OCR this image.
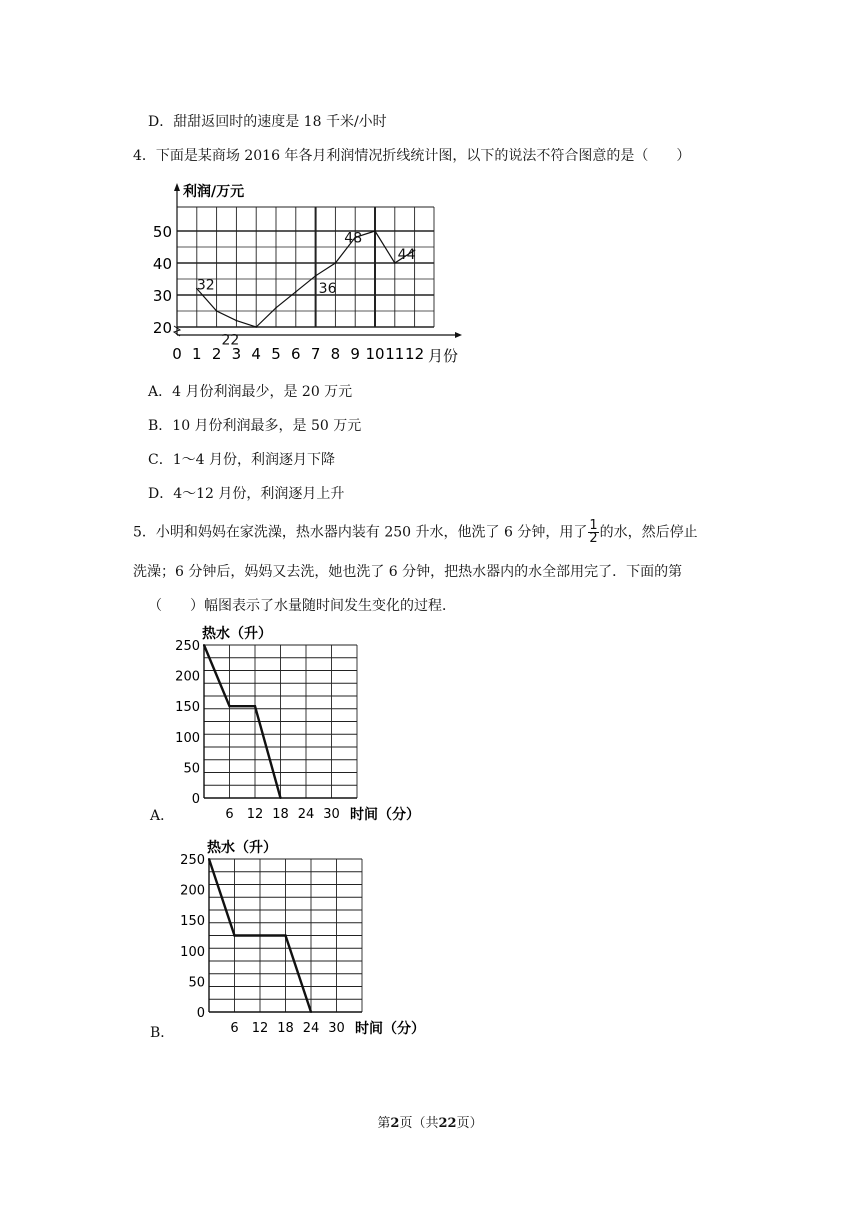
D．甜甜返回时的速度是 18 千米/小时
4．下面是某商场 2016 年各月利润情况折线统计图，以下的说法不符合图意的是（　　）
利润/万元
20
30
40
50
0 1 2 3 4 5 6 7 8 9 10 11 12 月份
32
22
36
48
44
热水（升）
0
50
100
150
200
250
6 12 18 24 30 时间（分）
热水（升）
0
50
100
150
200
250
6 12 18 24 30 时间（分）
A．4 月份利润最少，是 20 万元
B．10 月份利润最多，是 50 万元
C．1～4 月份，利润逐月下降
D．4～12 月份，利润逐月上升
5．小明和妈妈在家洗澡，热水器内装有 250 升水，他洗了 6 分钟，用了 $\frac{1}{2}$ 的水，然后停止
洗澡；6 分钟后，妈妈又去洗，她也洗了 6 分钟，把热水器内的水全部用完了．下面的第
（　　）幅图表示了水量随时间发生变化的过程．
A．
B．
第2页（共22页）
